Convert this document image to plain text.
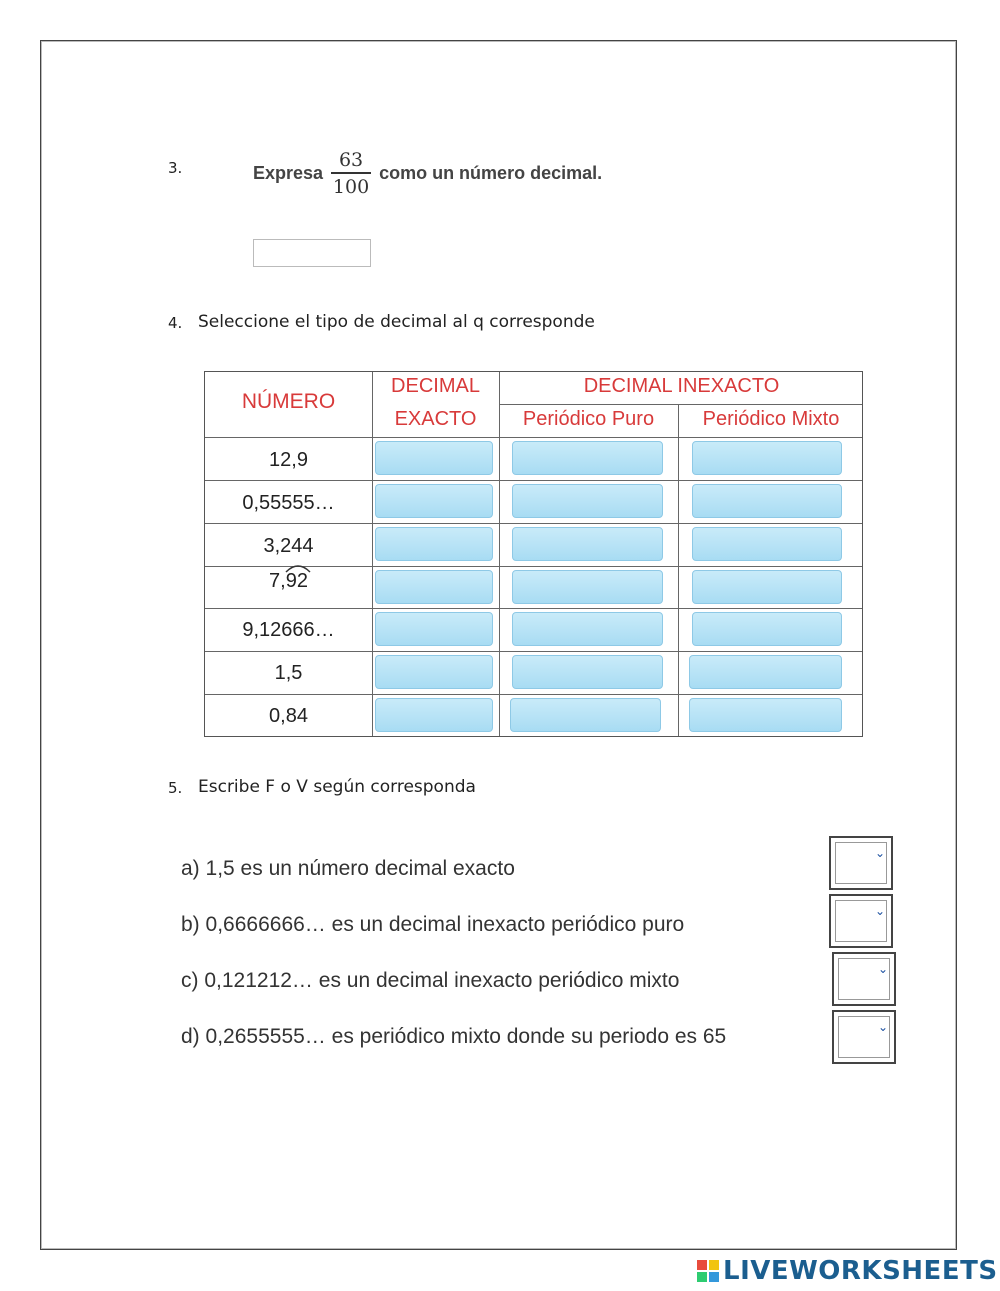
3.	Expresa $\frac{63}{100}$ como un número decimal.
4. Seleccione el tipo de decimal al q corresponde
NÚMERO
DECIMAL
EXACTO
DECIMAL INEXACTO
Periódico Puro	Periódico Mixto
12,9
0,55555…
3,244
7,92
9,12666…
1,5
0,84
5. Escribe F o V según corresponda
a) 1,5 es un número decimal exacto
b) 0,6666666… es un decimal inexacto periódico puro
c) 0,121212… es un decimal inexacto periódico mixto
d) 0,2655555… es periódico mixto donde su periodo es 65
⌄
⌄
⌄
⌄
LIVEWORKSHEETS
